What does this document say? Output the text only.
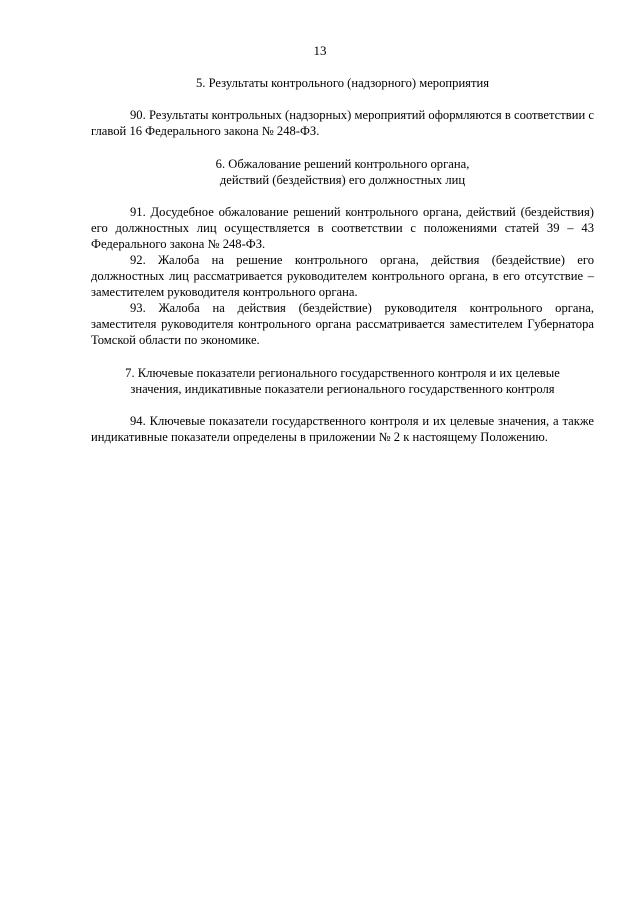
13

5. Результаты контрольного (надзорного) мероприятия

90. Результаты контрольных (надзорных) мероприятий оформляются в соответствии с главой 16 Федерального закона № 248-ФЗ.

6. Обжалование решений контрольного органа,
действий (бездействия) его должностных лиц

91. Досудебное обжалование решений контрольного органа, действий (бездействия) его должностных лиц осуществляется в соответствии с положениями статей 39 – 43 Федерального закона № 248-ФЗ.

92. Жалоба на решение контрольного органа, действия (бездействие) его должностных лиц рассматривается руководителем контрольного органа, в его отсутствие – заместителем руководителя контрольного органа.

93. Жалоба на действия (бездействие) руководителя контрольного органа, заместителя руководителя контрольного органа рассматривается заместителем Губернатора Томской области по экономике.

7. Ключевые показатели регионального государственного контроля и их целевые
значения, индикативные показатели регионального государственного контроля

94. Ключевые показатели государственного контроля и их целевые значения, а также индикативные показатели определены в приложении № 2 к настоящему Положению.
